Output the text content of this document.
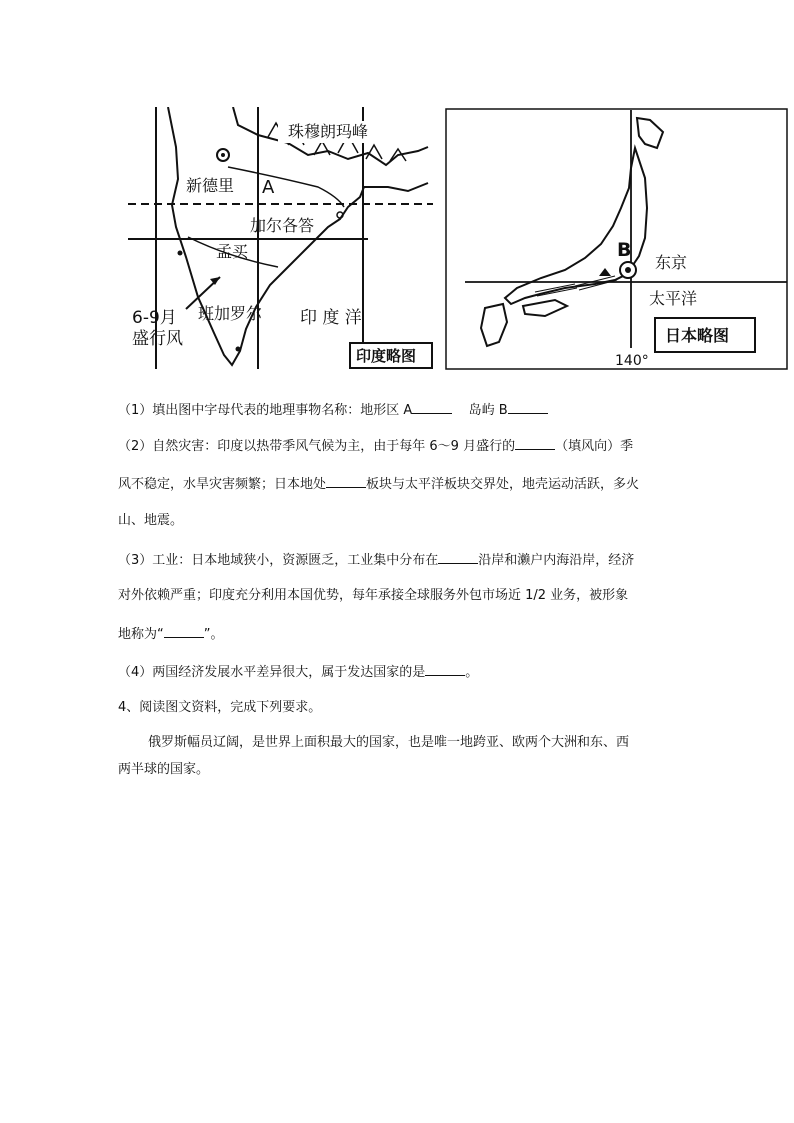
珠穆朗玛峰
新德里 A
加尔各答
孟买
6-9月
盛行风
班加罗尔 印 度 洋
印度略图
B
东京
太平洋
日本略图
140°
（1）填出图中字母代表的地理事物名称：地形区 A	岛屿 B
（2）自然灾害：印度以热带季风气候为主，由于每年 6～9 月盛行的	（填风向）季
风不稳定，水旱灾害频繁；日本地处	板块与太平洋板块交界处，地壳运动活跃，多火
山、地震。
（3）工业：日本地域狭小，资源匮乏，工业集中分布在	沿岸和濑户内海沿岸，经济
对外依赖严重；印度充分利用本国优势，每年承接全球服务外包市场近 1/2 业务，被形象
地称为“	”。
（4）两国经济发展水平差异很大，属于发达国家的是	。
4、阅读图文资料，完成下列要求。
俄罗斯幅员辽阔，是世界上面积最大的国家，也是唯一地跨亚、欧两个大洲和东、西
两半球的国家。
